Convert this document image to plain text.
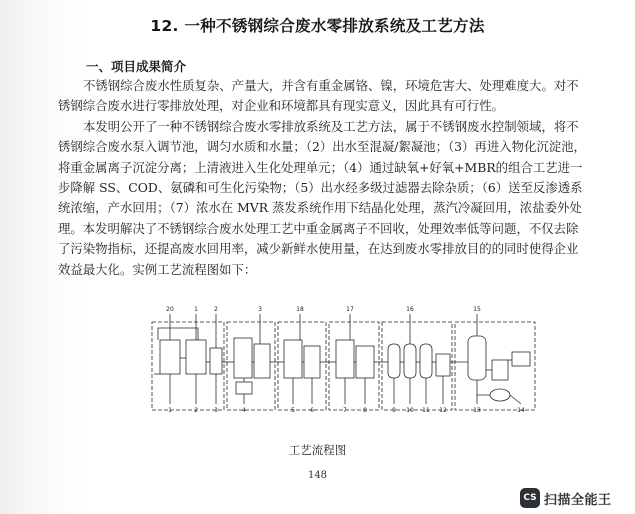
12. 一种不锈钢综合废水零排放系统及工艺方法
一、项目成果简介
不锈钢综合废水性质复杂、产量大，并含有重金属铬、镍，环境危害大、处理难度大。对不
锈钢综合废水进行零排放处理，对企业和环境都具有现实意义，因此具有可行性。
本发明公开了一种不锈钢综合废水零排放系统及工艺方法，属于不锈钢废水控制领域，将不
锈钢综合废水泵入调节池，调匀水质和水量；（2）出水至混凝/絮凝池；（3）再进入物化沉淀池，
将重金属离子沉淀分离；上清液进入生化处理单元；（4）通过缺氧+好氧+MBR的组合工艺进一
步降解 SS、COD、氨磷和可生化污染物；（5）出水经多级过滤器去除杂质；（6）送至反渗透系
统浓缩，产水回用；（7）浓水在 MVR 蒸发系统作用下结晶化处理，蒸汽冷凝回用，浓盐委外处
理。本发明解决了不锈钢综合废水处理工艺中重金属离子不回收，处理效率低等问题，不仅去除
了污染物指标，还提高废水回用率，减少新鲜水使用量，在达到废水零排放目的的同时使得企业
效益最大化。实例工艺流程图如下：
20	1	2	3	18	17	16	15
1	2	3	4	5	6	7	8	9 10 11 12	13	14
工艺流程图
148
CS 扫描全能王
